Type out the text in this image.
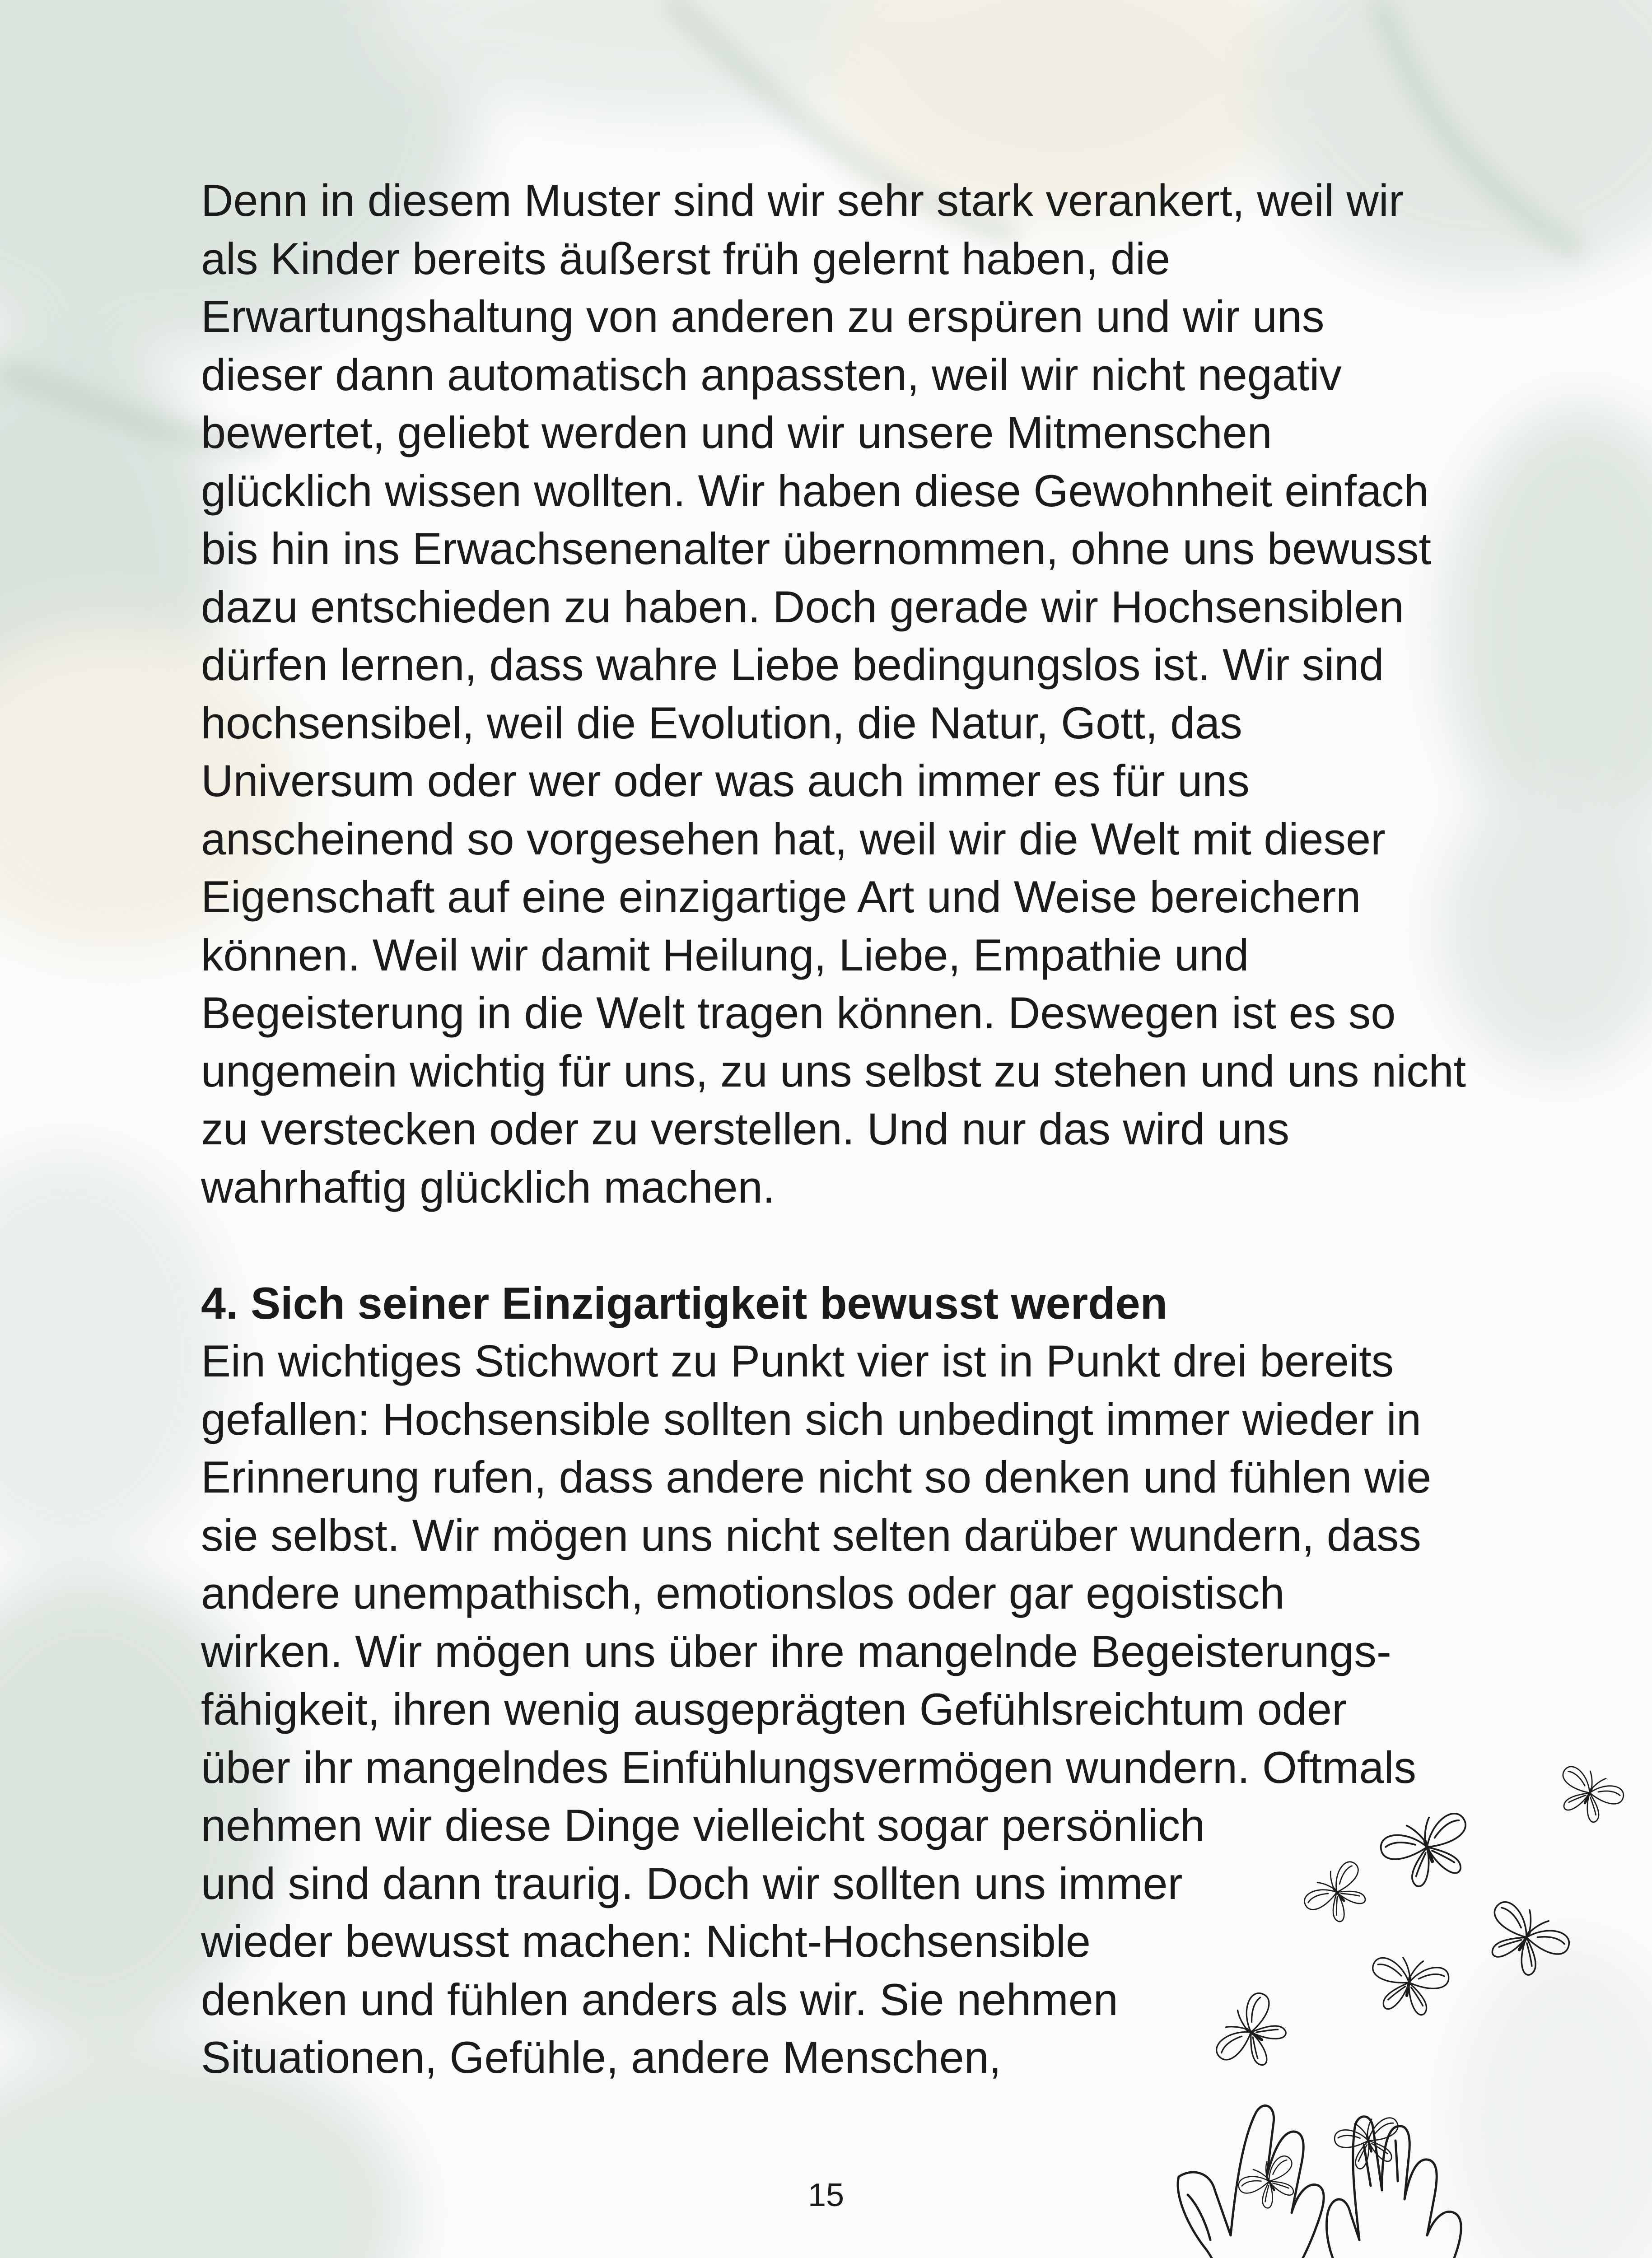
Denn in diesem Muster sind wir sehr stark verankert, weil wir

als Kinder bereits äußerst früh gelernt haben, die

Erwartungshaltung von anderen zu erspüren und wir uns

dieser dann automatisch anpassten, weil wir nicht negativ

bewertet, geliebt werden und wir unsere Mitmenschen

glücklich wissen wollten. Wir haben diese Gewohnheit einfach

bis hin ins Erwachsenenalter übernommen, ohne uns bewusst

dazu entschieden zu haben. Doch gerade wir Hochsensiblen

dürfen lernen, dass wahre Liebe bedingungslos ist. Wir sind

hochsensibel, weil die Evolution, die Natur, Gott, das

Universum oder wer oder was auch immer es für uns

anscheinend so vorgesehen hat, weil wir die Welt mit dieser

Eigenschaft auf eine einzigartige Art und Weise bereichern

können. Weil wir damit Heilung, Liebe, Empathie und

Begeisterung in die Welt tragen können. Deswegen ist es so

ungemein wichtig für uns, zu uns selbst zu stehen und uns nicht

zu verstecken oder zu verstellen. Und nur das wird uns

wahrhaftig glücklich machen.

4. Sich seiner Einzigartigkeit bewusst werden

Ein wichtiges Stichwort zu Punkt vier ist in Punkt drei bereits

gefallen: Hochsensible sollten sich unbedingt immer wieder in

Erinnerung rufen, dass andere nicht so denken und fühlen wie

sie selbst. Wir mögen uns nicht selten darüber wundern, dass

andere unempathisch, emotionslos oder gar egoistisch

wirken. Wir mögen uns über ihre mangelnde Begeisterungs-

fähigkeit, ihren wenig ausgeprägten Gefühlsreichtum oder

über ihr mangelndes Einfühlungsvermögen wundern. Oftmals

nehmen wir diese Dinge vielleicht sogar persönlich

und sind dann traurig. Doch wir sollten uns immer

wieder bewusst machen: Nicht-Hochsensible

denken und fühlen anders als wir. Sie nehmen

Situationen, Gefühle, andere Menschen,

15
